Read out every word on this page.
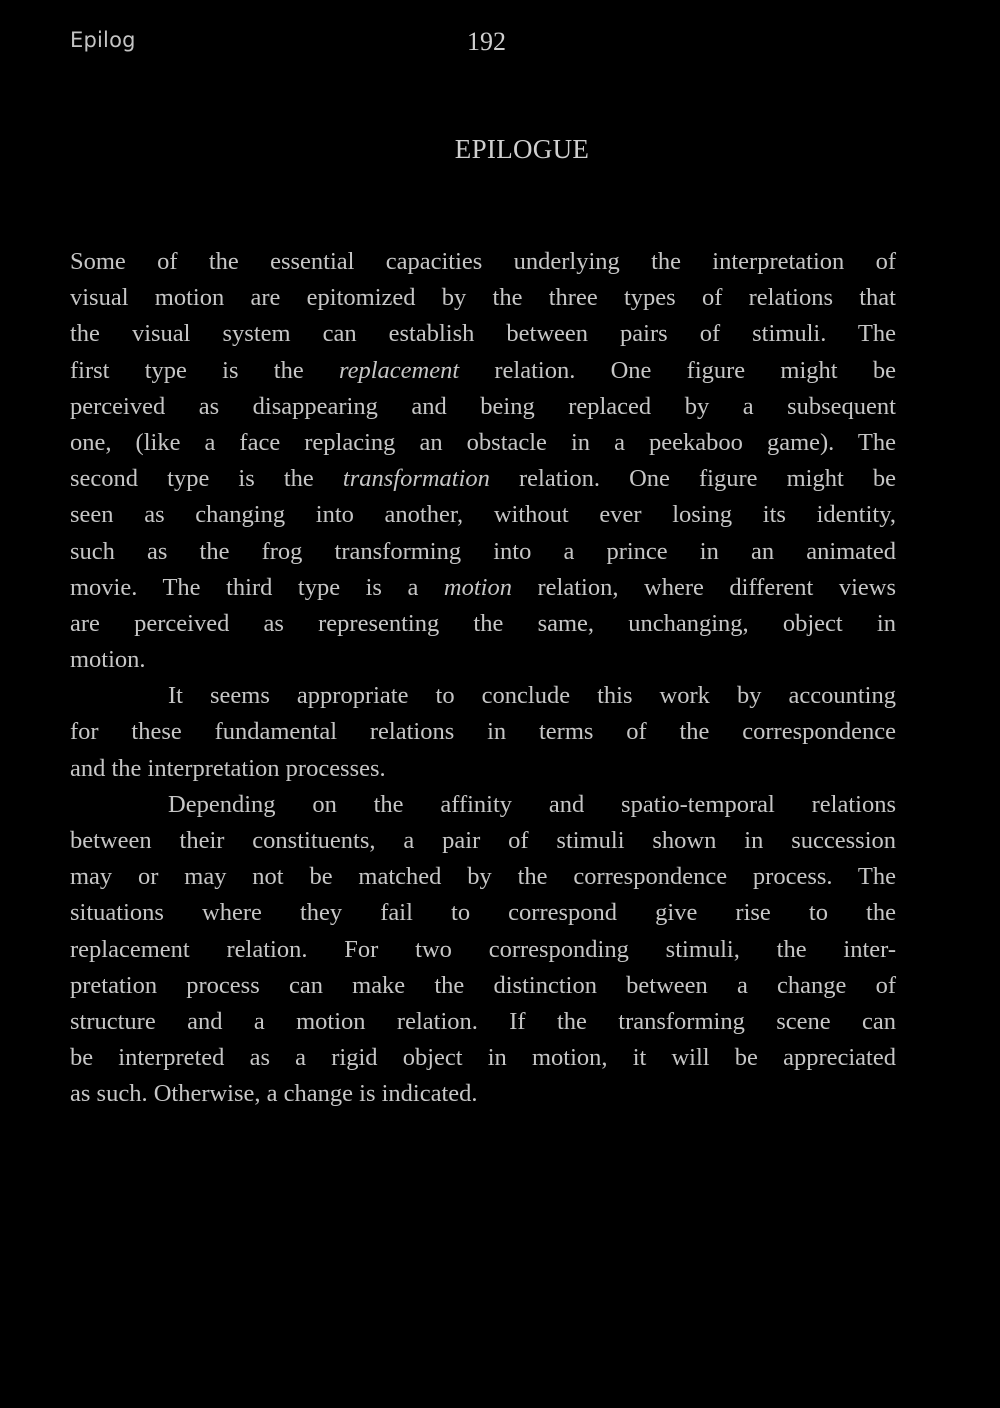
Epilog	192
EPILOGUE

Some of the essential capacities underlying the interpretation of
visual motion are epitomized by the three types of relations that
the visual system can establish between pairs of stimuli. The
first type is the replacement relation. One figure might be
perceived as disappearing and being replaced by a subsequent
one, (like a face replacing an obstacle in a peekaboo game). The
second type is the transformation relation. One figure might be
seen as changing into another, without ever losing its identity,
such as the frog transforming into a prince in an animated
movie. The third type is a motion relation, where different views
are perceived as representing the same, unchanging, object in
motion.

It seems appropriate to conclude this work by accounting
for these fundamental relations in terms of the correspondence
and the interpretation processes.

Depending on the affinity and spatio-temporal relations
between their constituents, a pair of stimuli shown in succession
may or may not be matched by the correspondence process. The
situations where they fail to correspond give rise to the
replacement relation. For two corresponding stimuli, the inter-
pretation process can make the distinction between a change of
structure and a motion relation. If the transforming scene can
be interpreted as a rigid object in motion, it will be appreciated
as such. Otherwise, a change is indicated.
